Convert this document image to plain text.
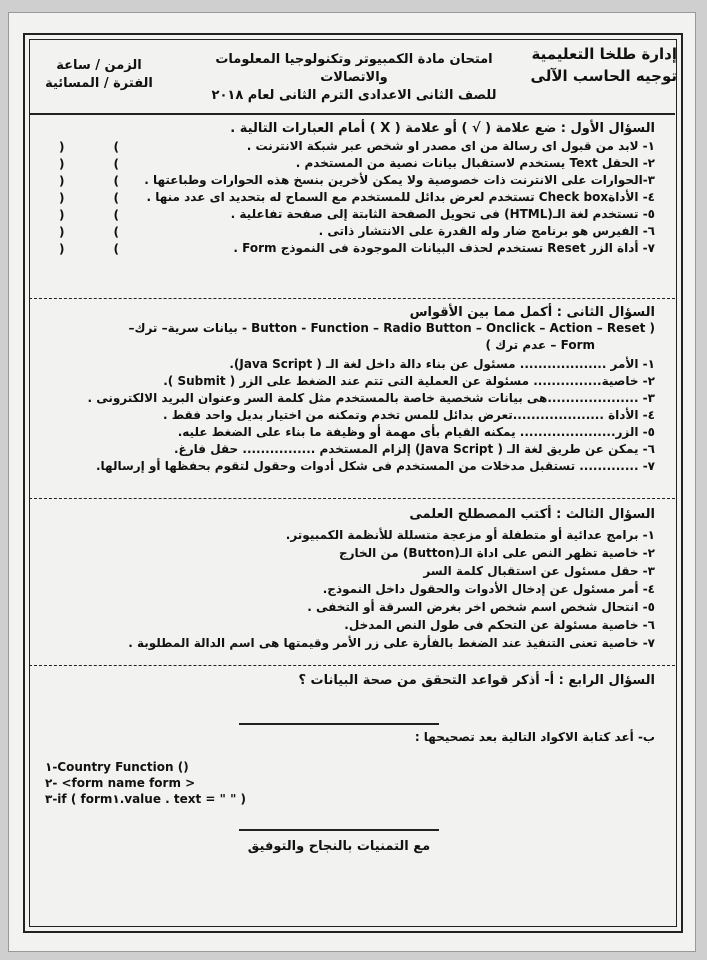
إدارة طلخا التعليمية
توجيه الحاسب الآلى
امتحان مادة الكمبيوتر وتكنولوجيا المعلومات والاتصالات
للصف الثانى الاعدادى الترم الثانى لعام ٢٠١٨
الزمن / ساعة
الفترة / المسائية
السؤال الأول : ضع علامة ( √ ) أو علامة ( X ) أمام العبارات التالية .
١- لابد من قبول اى رسالة من اى مصدر او شخص عبر شبكة الانترنت .
٢- الحقل Text يستخدم لاستقبال بيانات نصية من المستخدم .
٣-الحوارات على الانترنت ذات خصوصية ولا يمكن لأخرين بنسخ هذه الحوارات وطباعتها .
٤- الأداةCheck box تستخدم لعرض بدائل للمستخدم مع السماح له بتحديد اى عدد منها .
٥- تستخدم لغة الـ(HTML) فى تحويل الصفحة الثابتة إلى صفحة تفاعلية .
٦- الفيرس هو برنامج ضار وله القدرة على الانتشار ذاتى .
٧- أداة الزر Reset تستخدم لحذف البيانات الموجودة فى النموذج Form .
السؤال الثانى : أكمل مما بين الأقواس
( Button - Function – Radio Button – Onclick – Action – Reset - بيانات سرية– ترك–
Form – عدم ترك )
١- الأمر ................... مسئول عن بناء دالة داخل لغة الـ ( Java Script).
٢- خاصية............... مسئولة عن العملية التى تتم عند الضغط على الزر ( Submit ).
٣- ....................هى بيانات شخصية خاصة بالمستخدم مثل كلمة السر وعنوان البريد الالكترونى .
٤- الأداة ....................تعرض بدائل للمس تخدم وتمكنه من اختيار بديل واحد فقط .
٥- الزر..................... يمكنه القيام بأى مهمة أو وظيفة ما بناء على الضغط عليه.
٦- يمكن عن طريق لغة الـ ( Java Script) إلزام المستخدم ................ حقل فارغ.
٧- ............. تستقبل مدخلات من المستخدم فى شكل أدوات وحقول لتقوم بحفظها أو إرسالها.
السؤال الثالث : أكتب المصطلح العلمى
١- برامج عدائية أو متطفلة أو مزعجة متسللة للأنظمة الكمبيوتر.
٢- خاصية تظهر النص على اداة الـ(Button) من الخارج
٣- حقل مسئول عن استقبال كلمة السر
٤- أمر مسئول عن إدخال الأدوات والحقول داخل النموذج.
٥- انتحال شخص اسم شخص اخر بغرض السرقة أو التخفى .
٦- خاصية مسئولة عن التحكم فى طول النص المدخل.
٧- خاصية تعنى التنفيذ عند الضغط بالفأرة على زر الأمر وقيمتها هى اسم الدالة المطلوبة .
السؤال الرابع : أ- أذكر قواعد التحقق من صحة البيانات ؟
ب- أعد كتابة الاكواد التالية بعد تصحيحها :
١-Country Function ()
٢- <form name form >
٣-if ( form١.value . text = " " )
مع التمنيات بالنجاح والتوفيق
)	(
)	(
)	(
)	(
)	(
)	(
)	(
